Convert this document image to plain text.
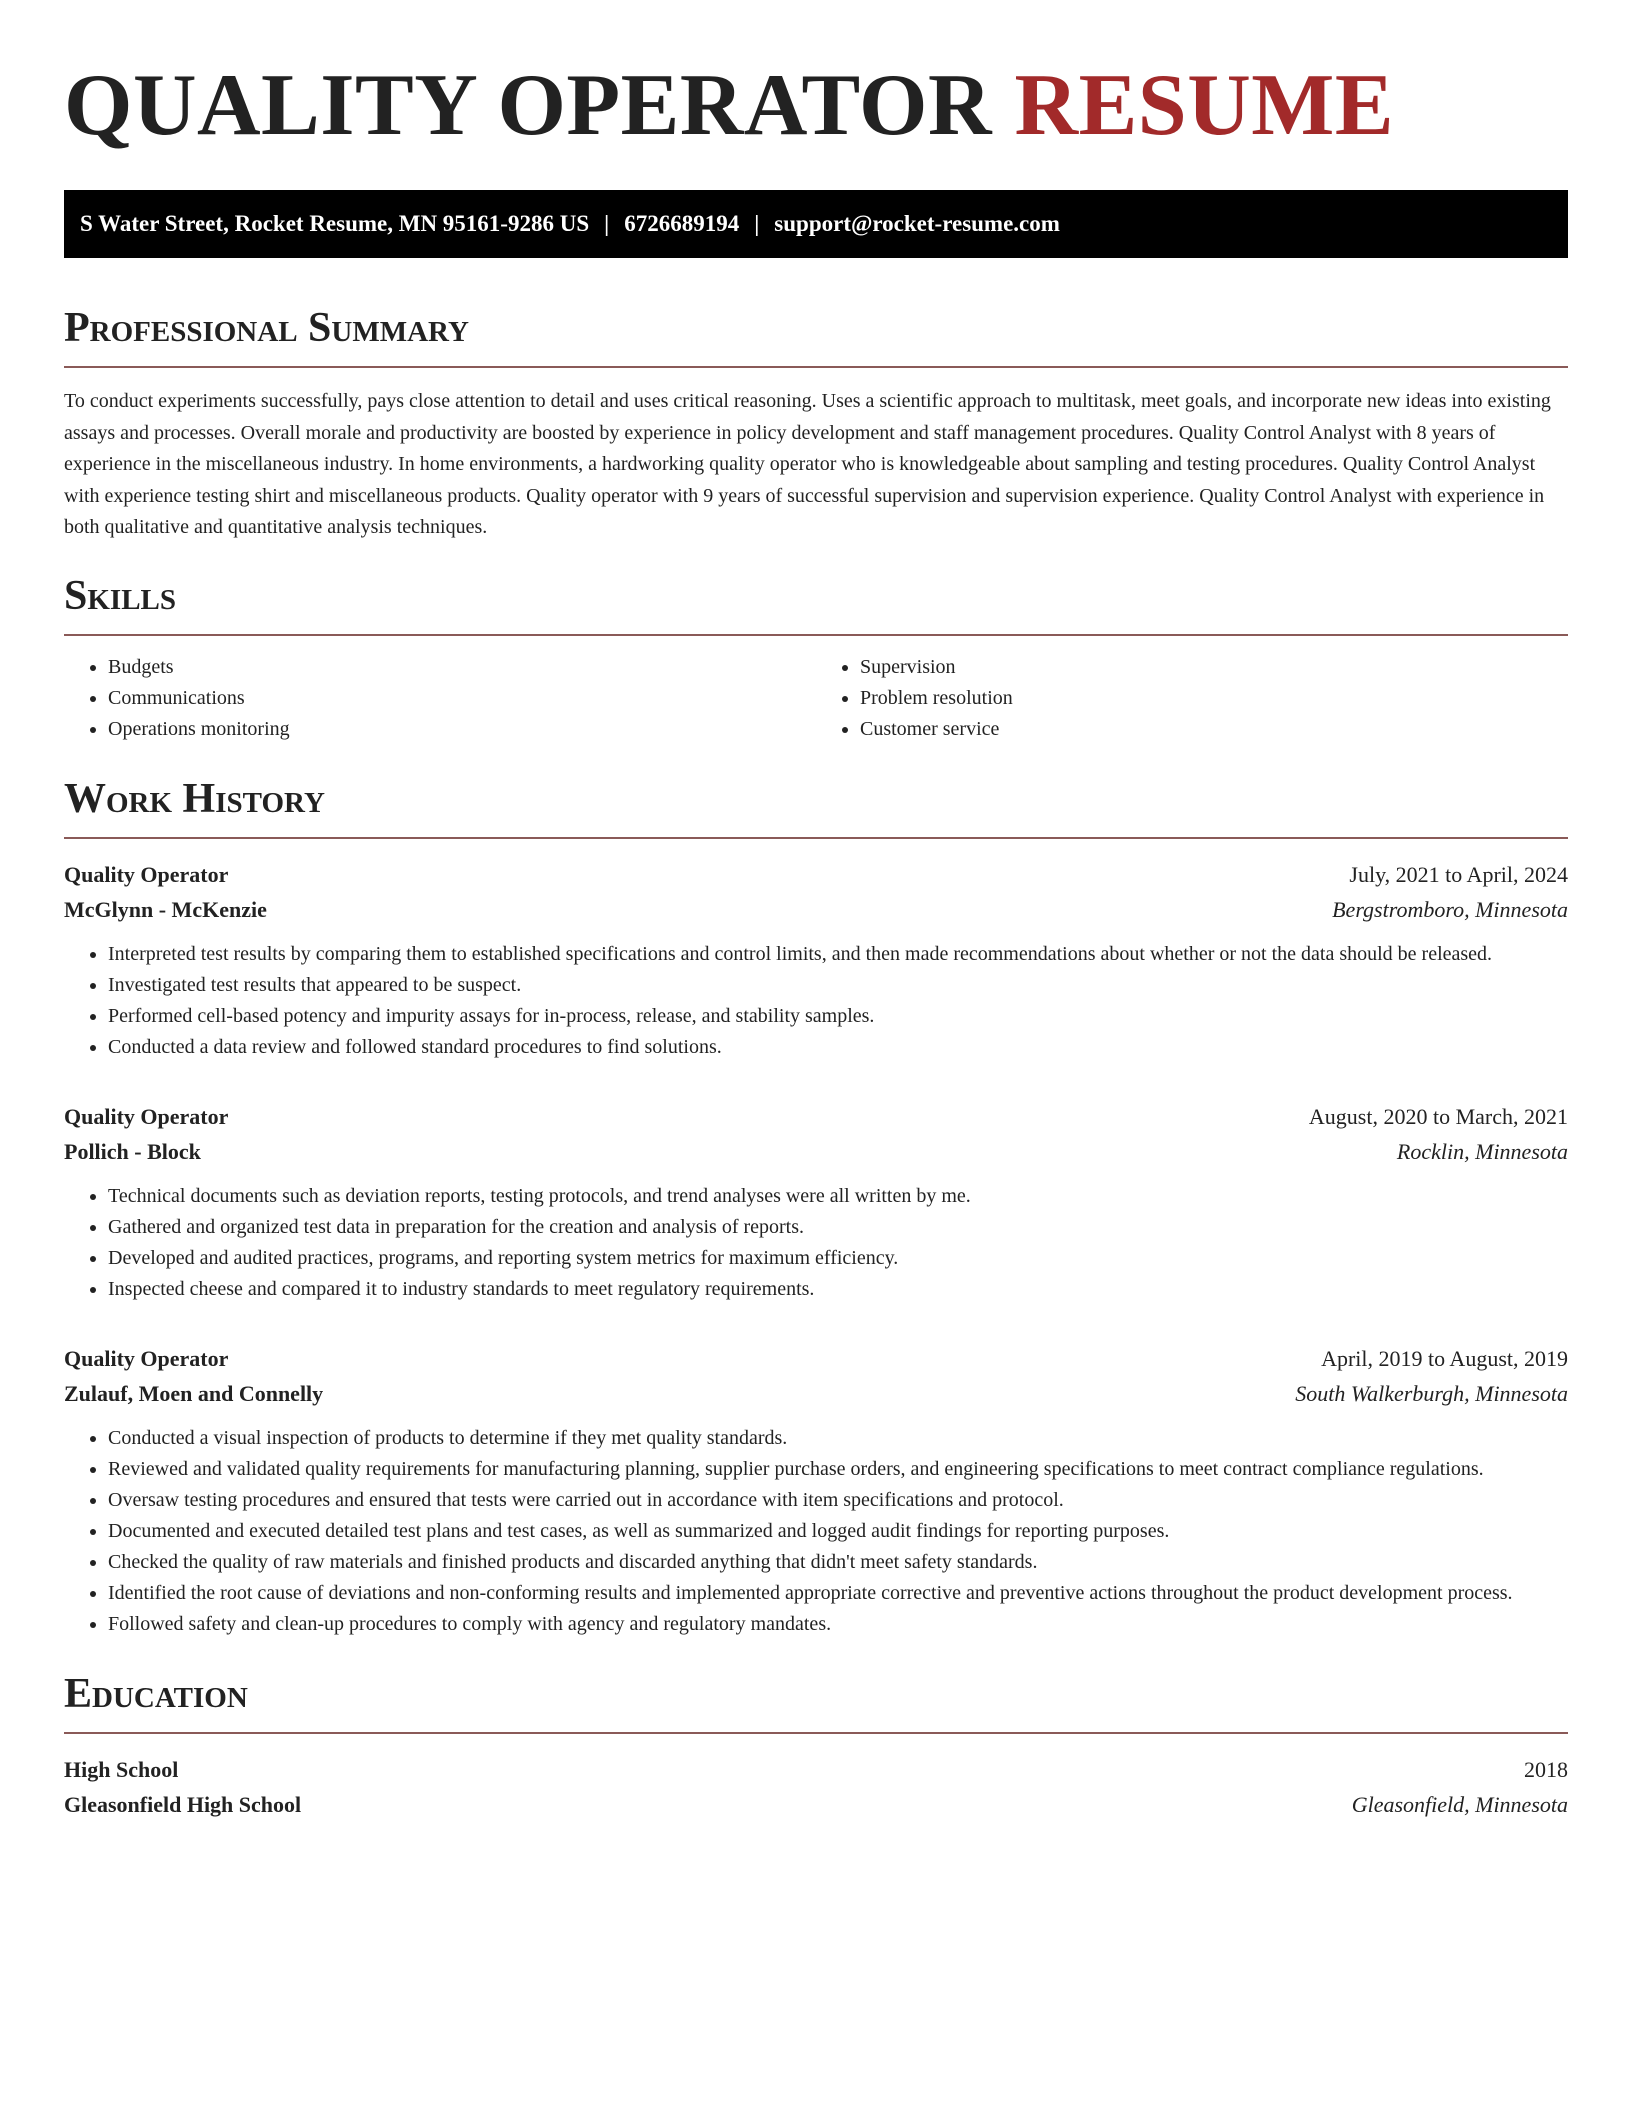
QUALITY OPERATOR RESUME
S Water Street, Rocket Resume, MN 95161-9286 US | 6726689194 | support@rocket-resume.com
Professional Summary

To conduct experiments successfully, pays close attention to detail and uses critical reasoning. Uses a scientific approach to multitask, meet goals, and incorporate new ideas into existing assays and processes. Overall morale and productivity are boosted by experience in policy development and staff management procedures. Quality Control Analyst with 8 years of experience in the miscellaneous industry. In home environments, a hardworking quality operator who is knowledgeable about sampling and testing procedures. Quality Control Analyst with experience testing shirt and miscellaneous products. Quality operator with 9 years of successful supervision and supervision experience. Quality Control Analyst with experience in both qualitative and quantitative analysis techniques.

Skills
• Budgets
• Communications
• Operations monitoring
• Supervision
• Problem resolution
• Customer service
Work History
Quality Operator	July, 2021 to April, 2024
McGlynn - McKenzie	Bergstromboro, Minnesota
• Interpreted test results by comparing them to established specifications and control limits, and then made recommendations about whether or not the data should be released.
• Investigated test results that appeared to be suspect.
• Performed cell-based potency and impurity assays for in-process, release, and stability samples.
• Conducted a data review and followed standard procedures to find solutions.
Quality Operator	August, 2020 to March, 2021
Pollich - Block	Rocklin, Minnesota
• Technical documents such as deviation reports, testing protocols, and trend analyses were all written by me.
• Gathered and organized test data in preparation for the creation and analysis of reports.
• Developed and audited practices, programs, and reporting system metrics for maximum efficiency.
• Inspected cheese and compared it to industry standards to meet regulatory requirements.
Quality Operator	April, 2019 to August, 2019
Zulauf, Moen and Connelly	South Walkerburgh, Minnesota
• Conducted a visual inspection of products to determine if they met quality standards.
• Reviewed and validated quality requirements for manufacturing planning, supplier purchase orders, and engineering specifications to meet contract compliance regulations.
• Oversaw testing procedures and ensured that tests were carried out in accordance with item specifications and protocol.
• Documented and executed detailed test plans and test cases, as well as summarized and logged audit findings for reporting purposes.
• Checked the quality of raw materials and finished products and discarded anything that didn't meet safety standards.
• Identified the root cause of deviations and non-conforming results and implemented appropriate corrective and preventive actions throughout the product development process.
• Followed safety and clean-up procedures to comply with agency and regulatory mandates.
Education
High School	2018
Gleasonfield High School	Gleasonfield, Minnesota
